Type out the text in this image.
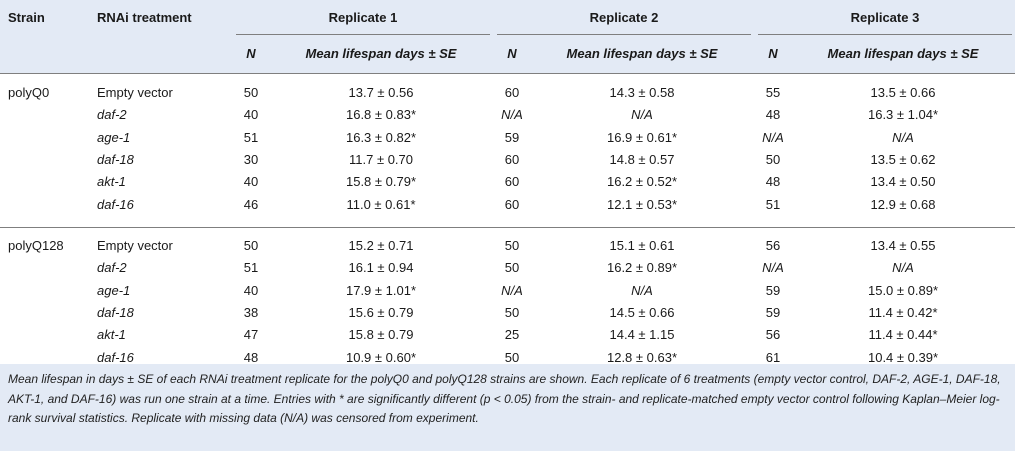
Strain	RNAi treatment	Replicate 1	Replicate 2	Replicate 3
N	Mean lifespan days ± SE	N	Mean lifespan days ± SE	N	Mean lifespan days ± SE
polyQ0	Empty vector	50	13.7 ± 0.56	60	14.3 ± 0.58	55	13.5 ± 0.66
daf-2	40	16.8 ± 0.83*	N/A	N/A	48	16.3 ± 1.04*
age-1	51	16.3 ± 0.82*	59	16.9 ± 0.61*	N/A	N/A
daf-18	30	11.7 ± 0.70	60	14.8 ± 0.57	50	13.5 ± 0.62
akt-1	40	15.8 ± 0.79*	60	16.2 ± 0.52*	48	13.4 ± 0.50
daf-16	46	11.0 ± 0.61*	60	12.1 ± 0.53*	51	12.9 ± 0.68
polyQ128	Empty vector	50	15.2 ± 0.71	50	15.1 ± 0.61	56	13.4 ± 0.55
daf-2	51	16.1 ± 0.94	50	16.2 ± 0.89*	N/A	N/A
age-1	40	17.9 ± 1.01*	N/A	N/A	59	15.0 ± 0.89*
daf-18	38	15.6 ± 0.79	50	14.5 ± 0.66	59	11.4 ± 0.42*
akt-1	47	15.8 ± 0.79	25	14.4 ± 1.15	56	11.4 ± 0.44*
daf-16	48	10.9 ± 0.60*	50	12.8 ± 0.63*	61	10.4 ± 0.39*
Mean lifespan in days ± SE of each RNAi treatment replicate for the polyQ0 and polyQ128 strains are shown. Each replicate of 6 treatments (empty vector control, DAF-2, AGE-1, DAF-18, AKT-1, and DAF-16) was run one strain at a time. Entries with * are significantly different (p < 0.05) from the strain- and replicate-matched empty vector control following Kaplan–Meier log-rank survival statistics. Replicate with missing data (N/A) was censored from experiment.
